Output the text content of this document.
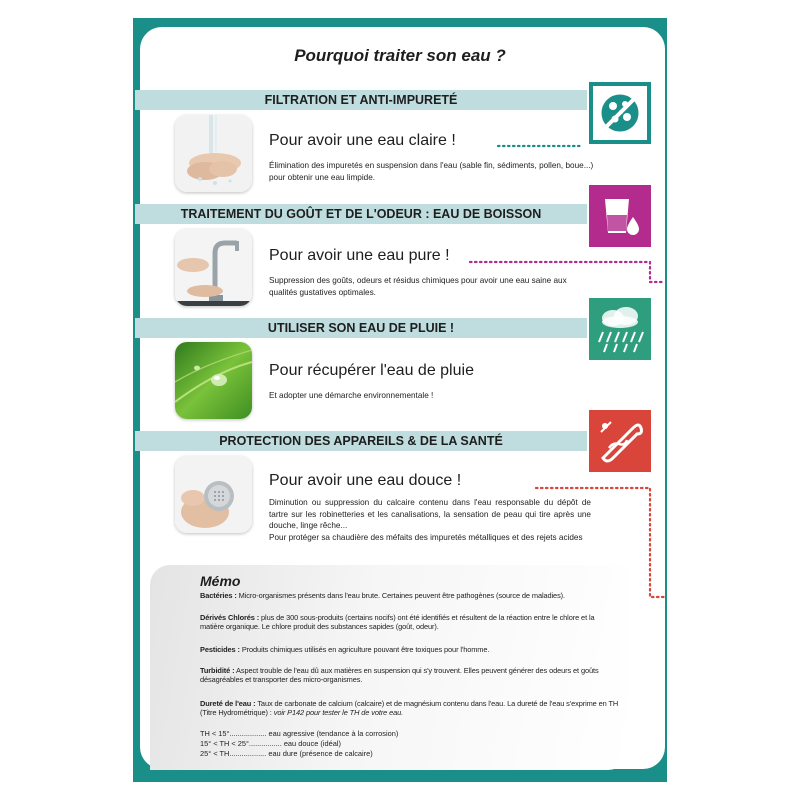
Pourquoi traiter son eau ?
FILTRATION ET ANTI-IMPURETÉ
TRAITEMENT DU GOÛT ET DE L'ODEUR : EAU DE BOISSON
UTILISER SON EAU DE PLUIE !
PROTECTION DES APPAREILS & DE LA SANTÉ
Pour avoir une eau claire !
Élimination des impuretés en suspension dans l'eau (sable fin, sédiments, pollen, boue...) pour obtenir une eau limpide.
Pour avoir une eau pure !
Suppression des goûts, odeurs et résidus chimiques pour avoir une eau saine aux qualités gustatives optimales.
Pour récupérer l'eau de pluie
Et adopter une démarche environnementale !
Pour avoir une eau douce !
Diminution ou suppression du calcaire contenu dans l'eau responsable du dépôt de tartre sur les robinetteries et les canalisations, la sensation de peau qui tire après une douche, linge rêche...
Pour protéger sa chaudière des méfaits des impuretés métalliques et des rejets acides
Mémo
Bactéries : Micro-organismes présents dans l'eau brute. Certaines peuvent être pathogènes (source de maladies).
Dérivés Chlorés : plus de 300 sous-produits (certains nocifs) ont été identifiés et résultent de la réaction entre le chlore et la matière organique. Le chlore produit des substances sapides (goût, odeur).
Pesticides : Produits chimiques utilisés en agriculture pouvant être toxiques pour l'homme.
Turbidité : Aspect trouble de l'eau dû aux matières en suspension qui s'y trouvent. Elles peuvent générer des odeurs et goûts désagréables et transporter des micro-organismes.
Dureté de l'eau : Taux de carbonate de calcium (calcaire) et de magnésium contenu dans l'eau. La dureté de l'eau s'exprime en TH (Titre Hydrométrique) : voir P142 pour tester le TH de votre eau.
TH < 15°.................. eau agressive (tendance à la corrosion)
15° < TH < 25°................ eau douce (idéal)
25° < TH.................. eau dure (présence de calcaire)
